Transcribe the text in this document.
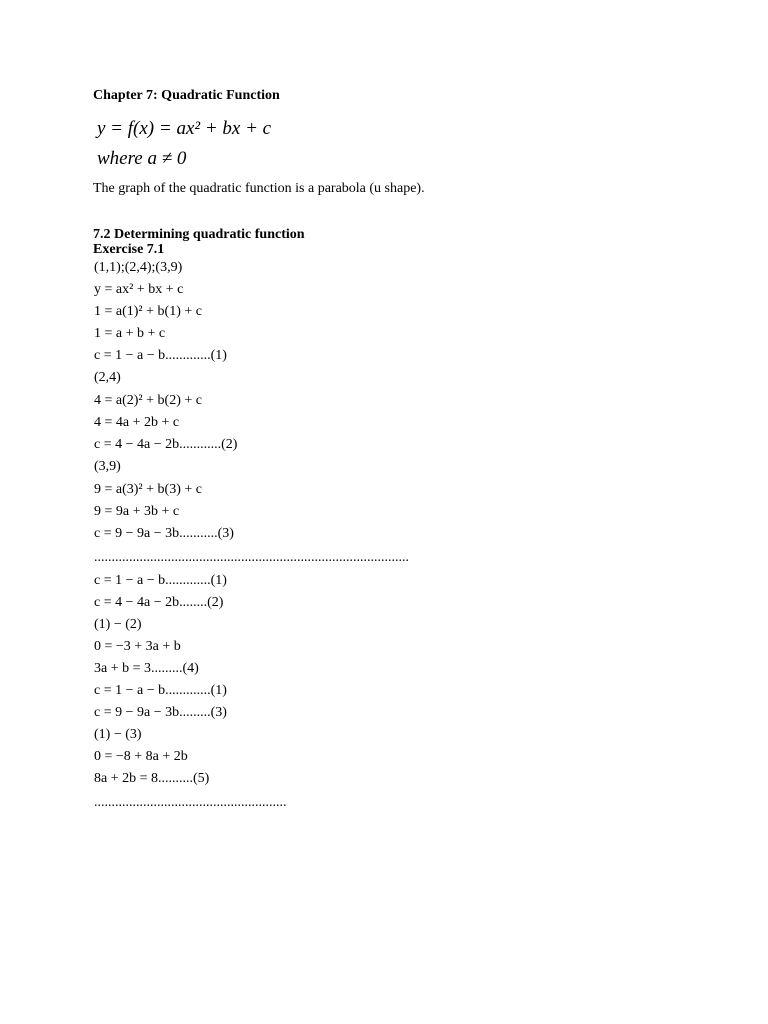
Chapter 7: Quadratic Function
y = f(x) = ax² + bx + c
where a ≠ 0
The graph of the quadratic function is a parabola (u shape).
7.2 Determining quadratic function
Exercise 7.1
(1,1);(2,4);(3,9)
y = ax² + bx + c
1 = a(1)² + b(1) + c
1 = a + b + c
c = 1 − a − b.............(1)
(2,4)
4 = a(2)² + b(2) + c
4 = 4a + 2b + c
c = 4 − 4a − 2b............(2)
(3,9)
9 = a(3)² + b(3) + c
9 = 9a + 3b + c
c = 9 − 9a − 3b...........(3)
..........................................................................................
c = 1 − a − b.............(1)
c = 4 − 4a − 2b........(2)
(1) − (2)
0 = −3 + 3a + b
3a + b = 3.........(4)
c = 1 − a − b.............(1)
c = 9 − 9a − 3b.........(3)
(1) − (3)
0 = −8 + 8a + 2b
8a + 2b = 8..........(5)
.......................................................
